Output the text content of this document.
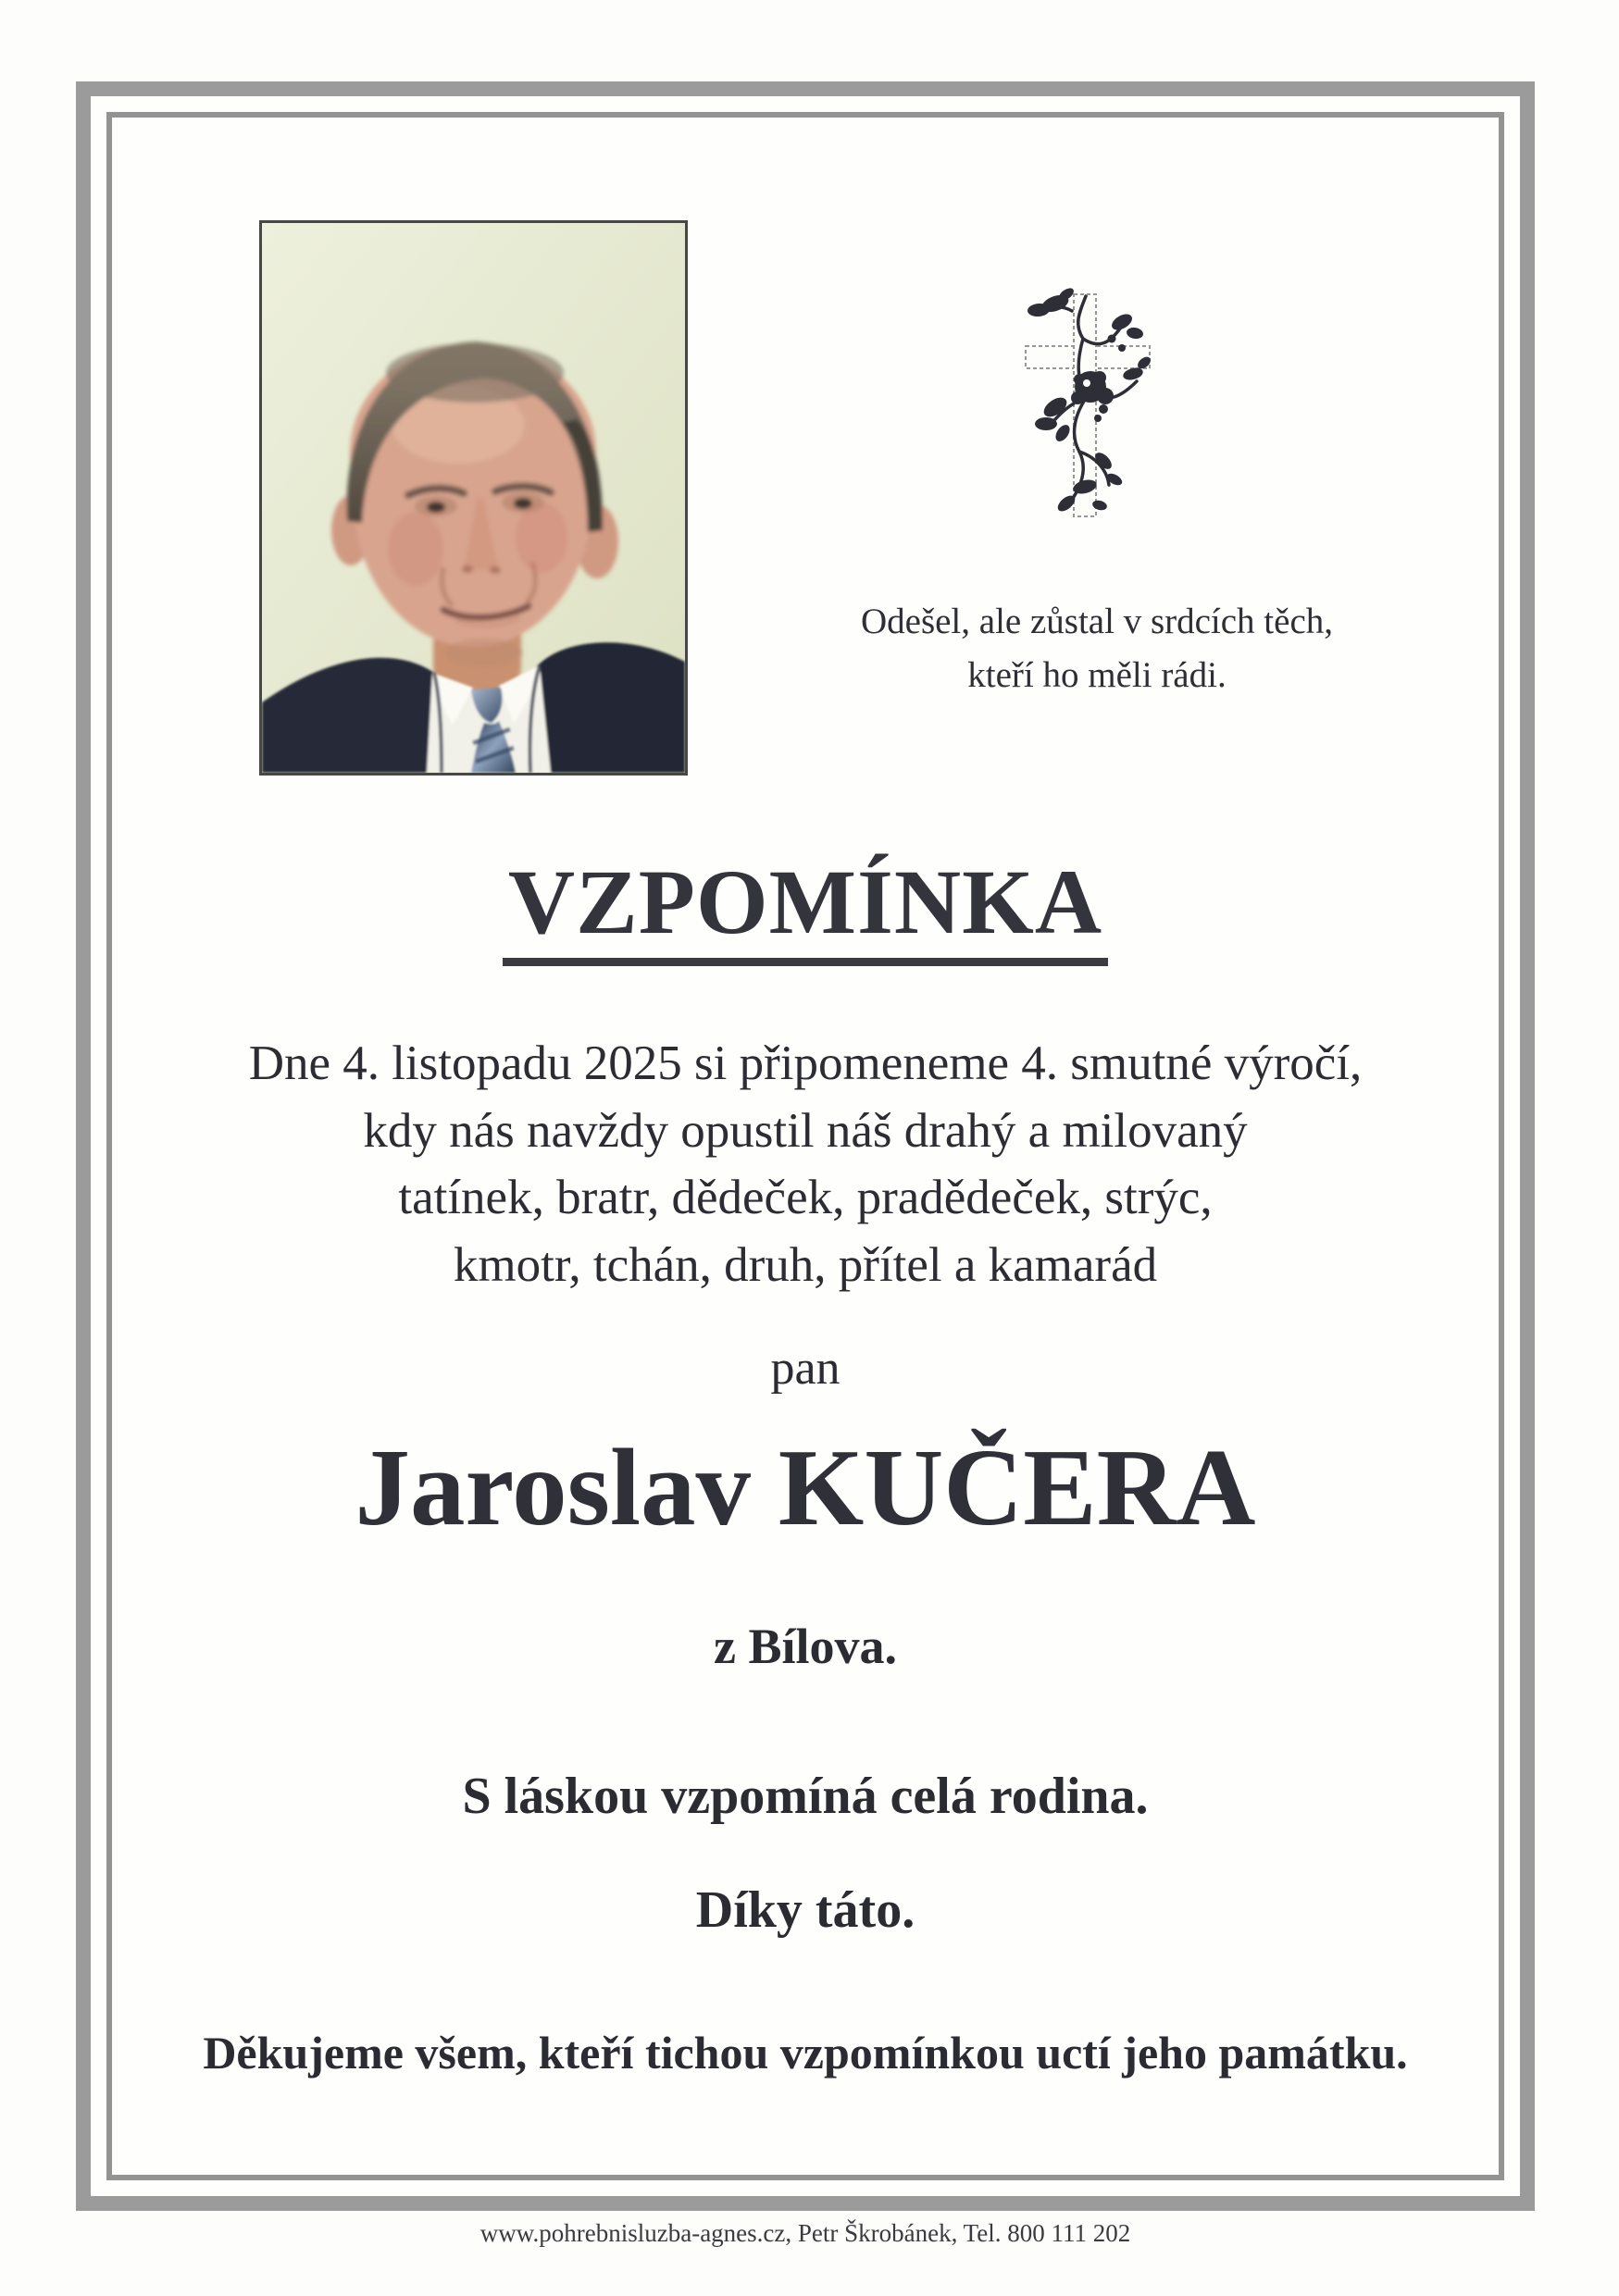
Odešel, ale zůstal v srdcích těch,
kteří ho měli rádi.
VZPOMÍNKA
Dne 4. listopadu 2025 si připomeneme 4. smutné výročí,
kdy nás navždy opustil náš drahý a milovaný
tatínek, bratr, dědeček, pradědeček, strýc,
kmotr, tchán, druh, přítel a kamarád
pan
Jaroslav KUČERA
z Bílova.
S láskou vzpomíná celá rodina.
Díky táto.
Děkujeme všem, kteří tichou vzpomínkou uctí jeho památku.
www.pohrebnisluzba-agnes.cz, Petr Škrobánek, Tel. 800 111 202
